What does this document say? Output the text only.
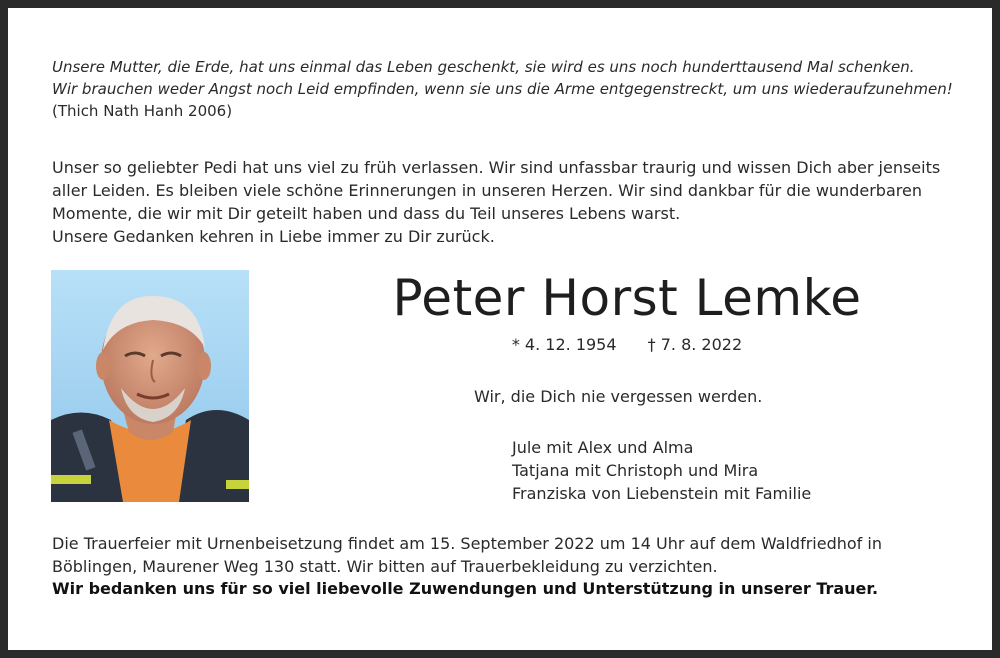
Unsere Mutter, die Erde, hat uns einmal das Leben geschenkt, sie wird es uns noch hunderttausend Mal schenken.
Wir brauchen weder Angst noch Leid empfinden, wenn sie uns die Arme entgegenstreckt, um uns wiederaufzunehmen!
(Thich Nath Hanh 2006)
Unser so geliebter Pedi hat uns viel zu früh verlassen. Wir sind unfassbar traurig und wissen Dich aber jenseits
aller Leiden. Es bleiben viele schöne Erinnerungen in unseren Herzen. Wir sind dankbar für die wunderbaren
Momente, die wir mit Dir geteilt haben und dass du Teil unseres Lebens warst.
Unsere Gedanken kehren in Liebe immer zu Dir zurück.
Peter Horst Lemke
* 4. 12. 1954 † 7. 8. 2022
Wir, die Dich nie vergessen werden.
Jule mit Alex und Alma
Tatjana mit Christoph und Mira
Franziska von Liebenstein mit Familie
Die Trauerfeier mit Urnenbeisetzung findet am 15. September 2022 um 14 Uhr auf dem Waldfriedhof in
Böblingen, Maurener Weg 130 statt. Wir bitten auf Trauerbekleidung zu verzichten.
Wir bedanken uns für so viel liebevolle Zuwendungen und Unterstützung in unserer Trauer.
